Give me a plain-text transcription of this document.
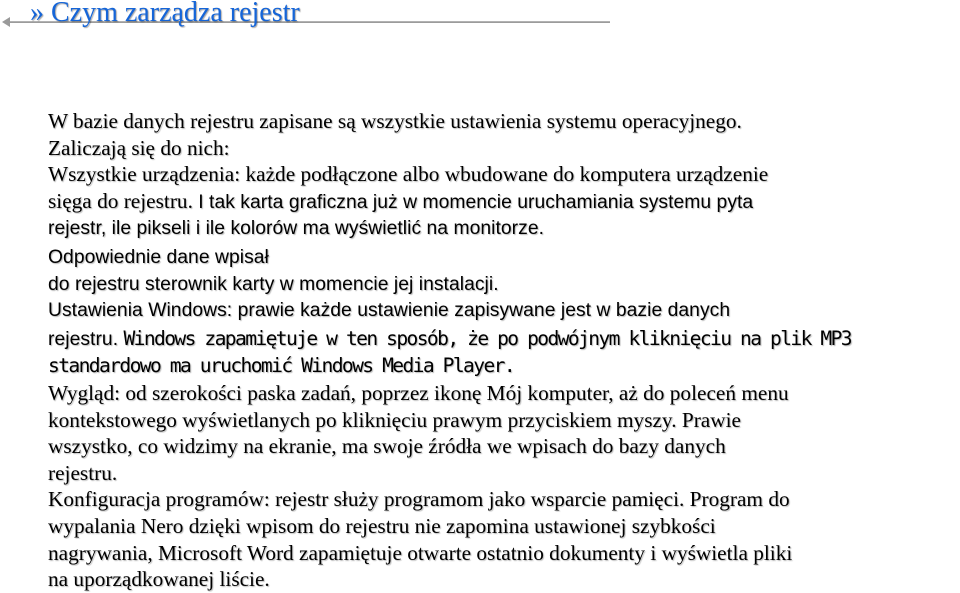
» Czym zarządza rejestr
W bazie danych rejestru zapisane są wszystkie ustawienia systemu operacyjnego.
Zaliczają się do nich:
Wszystkie urządzenia: każde podłączone albo wbudowane do komputera urządzenie
sięga do rejestru. I tak karta graficzna już w momencie uruchamiania systemu pyta
rejestr, ile pikseli i ile kolorów ma wyświetlić na monitorze.
Odpowiednie dane wpisał
do rejestru sterownik karty w momencie jej instalacji.
Ustawienia Windows: prawie każde ustawienie zapisywane jest w bazie danych
rejestru. Windows zapamiętuje w ten sposób, że po podwójnym kliknięciu na plik MP3
standardowo ma uruchomić Windows Media Player.
Wygląd: od szerokości paska zadań, poprzez ikonę Mój komputer, aż do poleceń menu
kontekstowego wyświetlanych po kliknięciu prawym przyciskiem myszy. Prawie
wszystko, co widzimy na ekranie, ma swoje źródła we wpisach do bazy danych
rejestru.
Konfiguracja programów: rejestr służy programom jako wsparcie pamięci. Program do
wypalania Nero dzięki wpisom do rejestru nie zapomina ustawionej szybkości
nagrywania, Microsoft Word zapamiętuje otwarte ostatnio dokumenty i wyświetla pliki
na uporządkowanej liście.
